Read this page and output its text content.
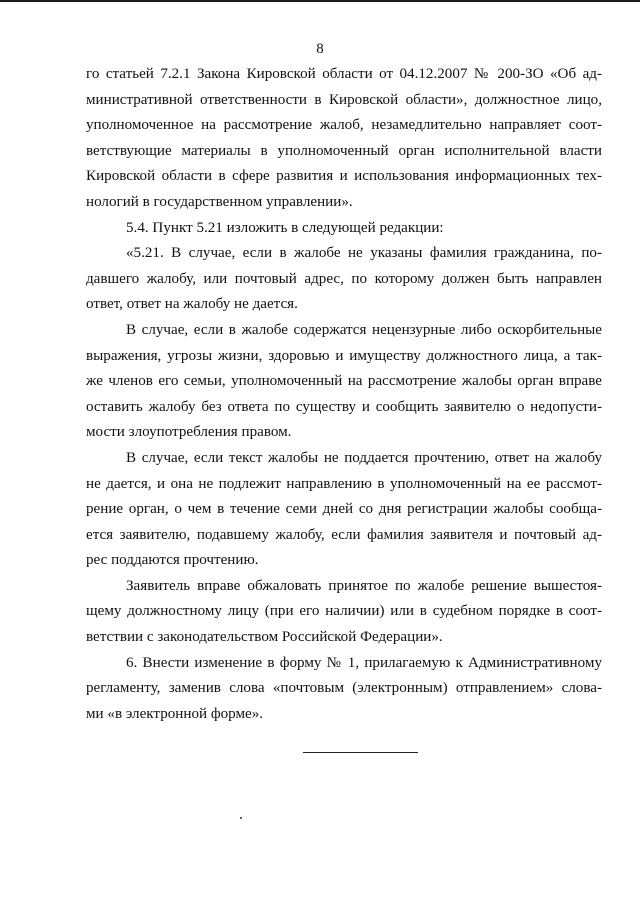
8
го статьей 7.2.1 Закона Кировской области от 04.12.2007 № 200-ЗО «Об ад-
министративной ответственности в Кировской области», должностное лицо,
уполномоченное на рассмотрение жалоб, незамедлительно направляет соот-
ветствующие материалы в уполномоченный орган исполнительной власти
Кировской области в сфере развития и использования информационных тех-
нологий в государственном управлении».
5.4. Пункт 5.21 изложить в следующей редакции:
«5.21. В случае, если в жалобе не указаны фамилия гражданина, по-
давшего жалобу, или почтовый адрес, по которому должен быть направлен
ответ, ответ на жалобу не дается.
В случае, если в жалобе содержатся нецензурные либо оскорбительные
выражения, угрозы жизни, здоровью и имуществу должностного лица, а так-
же членов его семьи, уполномоченный на рассмотрение жалобы орган вправе
оставить жалобу без ответа по существу и сообщить заявителю о недопусти-
мости злоупотребления правом.
В случае, если текст жалобы не поддается прочтению, ответ на жалобу
не дается, и она не подлежит направлению в уполномоченный на ее рассмот-
рение орган, о чем в течение семи дней со дня регистрации жалобы сообща-
ется заявителю, подавшему жалобу, если фамилия заявителя и почтовый ад-
рес поддаются прочтению.
Заявитель вправе обжаловать принятое по жалобе решение вышестоя-
щему должностному лицу (при его наличии) или в судебном порядке в соот-
ветствии с законодательством Российской Федерации».
6. Внести изменение в форму № 1, прилагаемую к Административному
регламенту, заменив слова «почтовым (электронным) отправлением» слова-
ми «в электронной форме».
